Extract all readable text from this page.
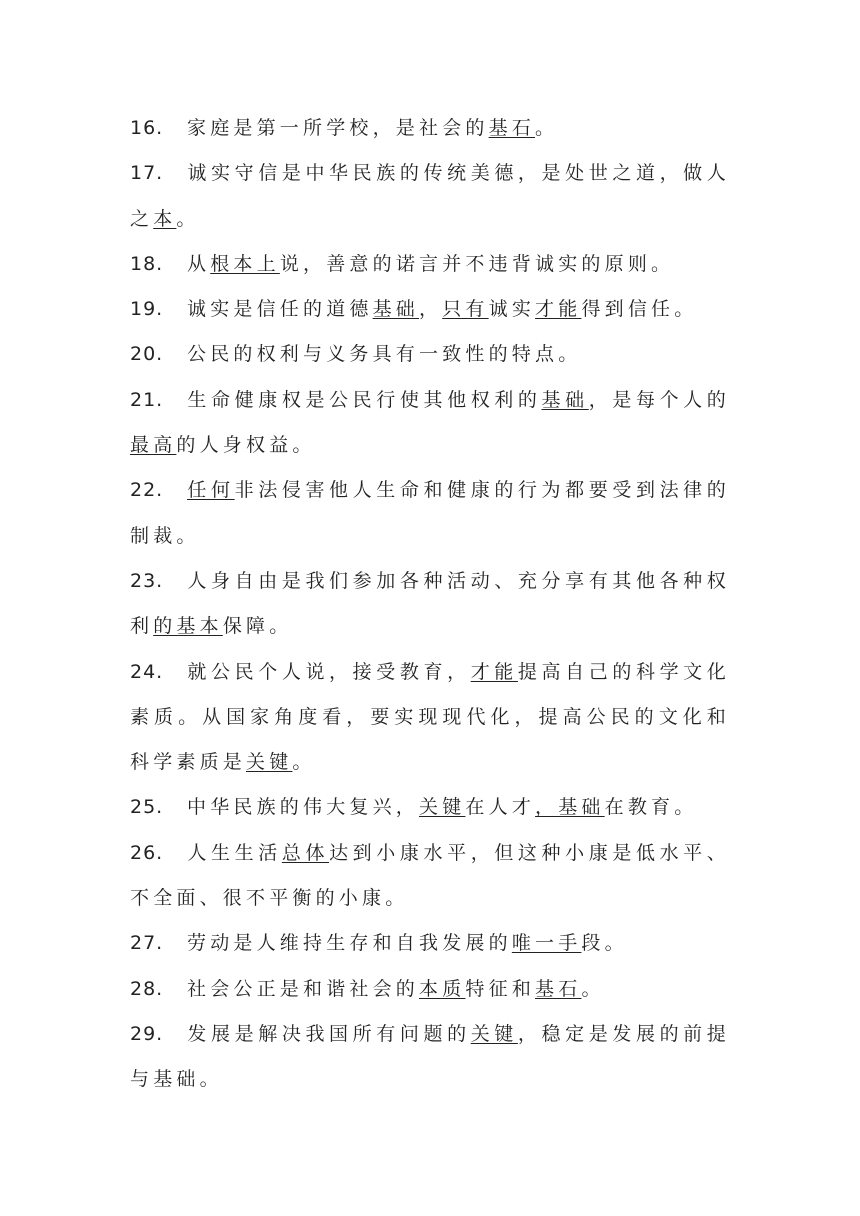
16. 家庭是第一所学校，是社会的基石。

17. 诚实守信是中华民族的传统美德，是处世之道，做人之本。

18. 从根本上说，善意的诺言并不违背诚实的原则。

19. 诚实是信任的道德基础，只有诚实才能得到信任。

20. 公民的权利与义务具有一致性的特点。

21. 生命健康权是公民行使其他权利的基础，是每个人的最高的人身权益。

22. 任何非法侵害他人生命和健康的行为都要受到法律的制裁。

23. 人身自由是我们参加各种活动、充分享有其他各种权利的基本保障。

24. 就公民个人说，接受教育，才能提高自己的科学文化素质。从国家角度看，要实现现代化，提高公民的文化和科学素质是关键。

25. 中华民族的伟大复兴，关键在人才，基础在教育。

26. 人生生活总体达到小康水平，但这种小康是低水平、不全面、很不平衡的小康。

27. 劳动是人维持生存和自我发展的唯一手段。

28. 社会公正是和谐社会的本质特征和基石。

29. 发展是解决我国所有问题的关键，稳定是发展的前提与基础。
